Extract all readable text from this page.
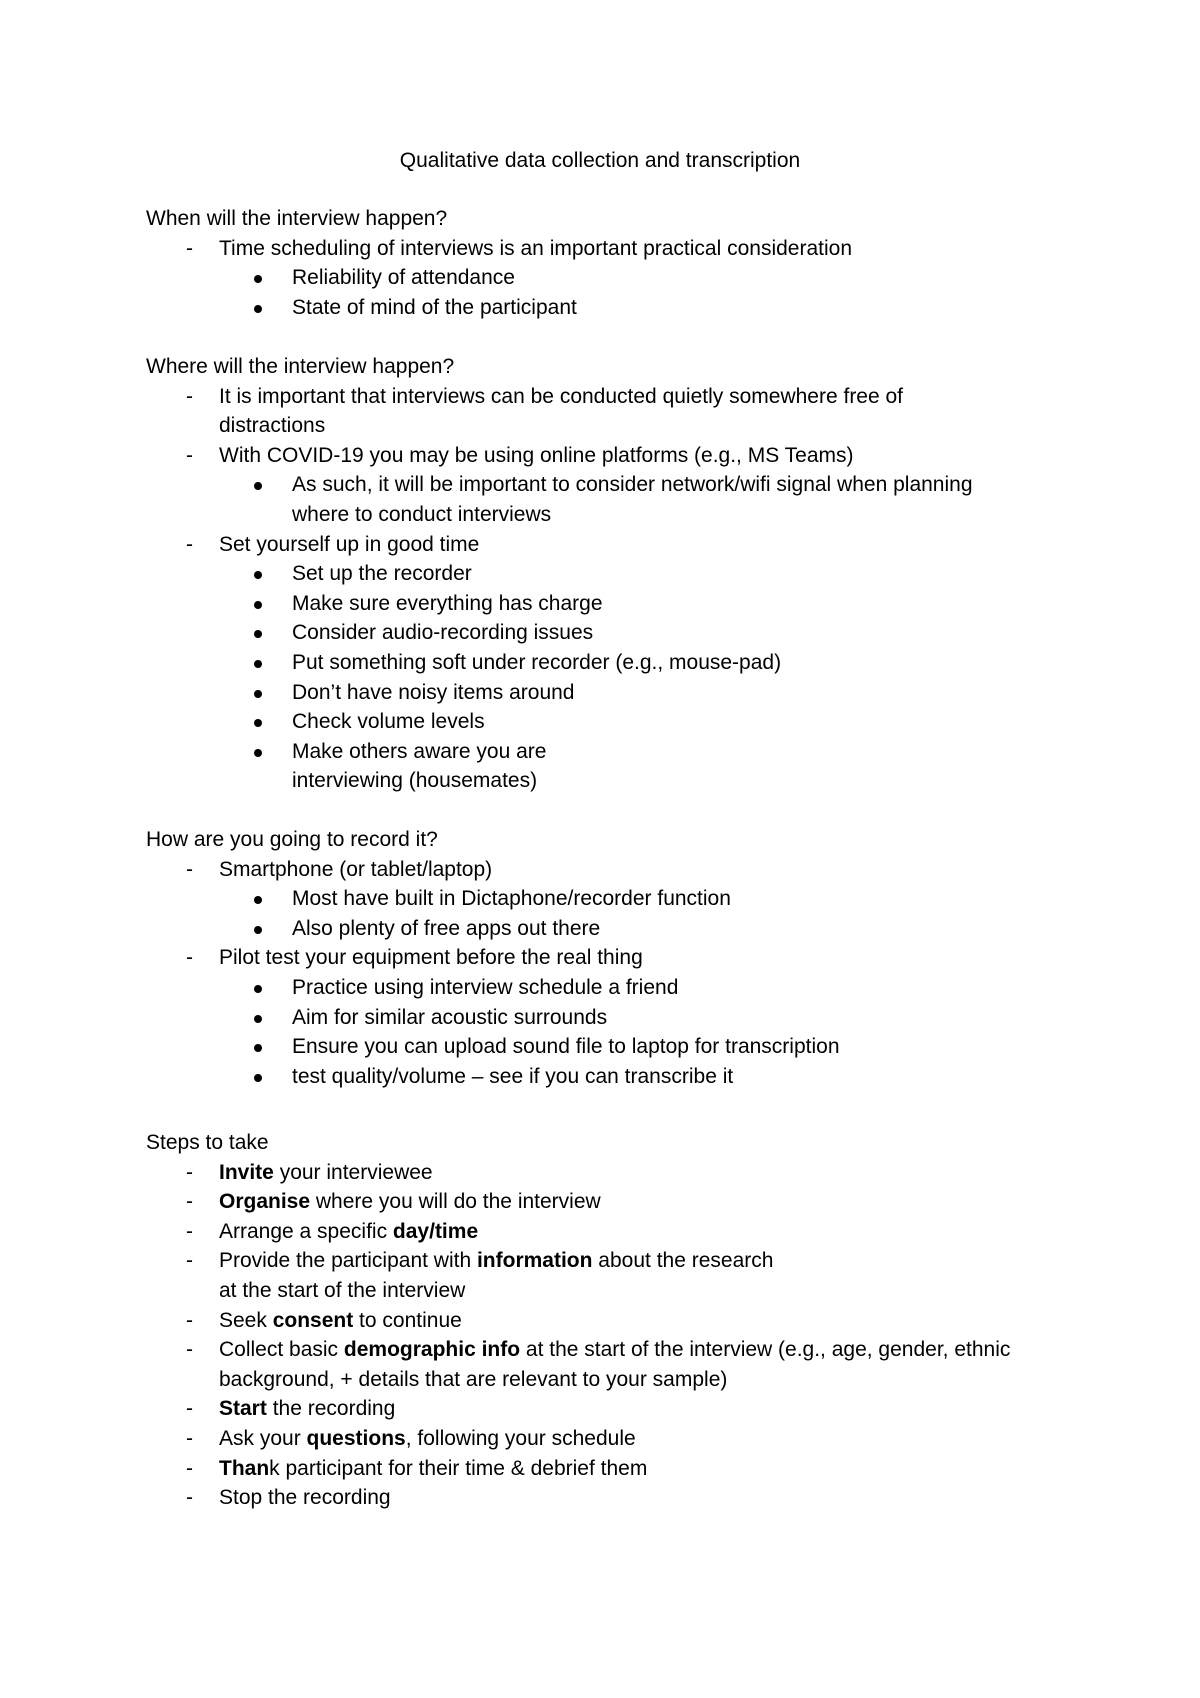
Qualitative data collection and transcription
When will the interview happen?
- Time scheduling of interviews is an important practical consideration
Reliability of attendance
State of mind of the participant
Where will the interview happen?
- It is important that interviews can be conducted quietly somewhere free of
distractions
- With COVID-19 you may be using online platforms (e.g., MS Teams)
As such, it will be important to consider network/wifi signal when planning
where to conduct interviews
- Set yourself up in good time
Set up the recorder
Make sure everything has charge
Consider audio-recording issues
Put something soft under recorder (e.g., mouse-pad)
Don’t have noisy items around
Check volume levels
Make others aware you are
interviewing (housemates)
How are you going to record it?
- Smartphone (or tablet/laptop)
Most have built in Dictaphone/recorder function
Also plenty of free apps out there
- Pilot test your equipment before the real thing
Practice using interview schedule a friend
Aim for similar acoustic surrounds
Ensure you can upload sound file to laptop for transcription
test quality/volume – see if you can transcribe it
Steps to take
- Invite your interviewee
- Organise where you will do the interview
- Arrange a specific day/time
- Provide the participant with information about the research
at the start of the interview
- Seek consent to continue
- Collect basic demographic info at the start of the interview (e.g., age, gender, ethnic
background, + details that are relevant to your sample)
- Start the recording
- Ask your questions, following your schedule
- Thank participant for their time & debrief them
- Stop the recording
